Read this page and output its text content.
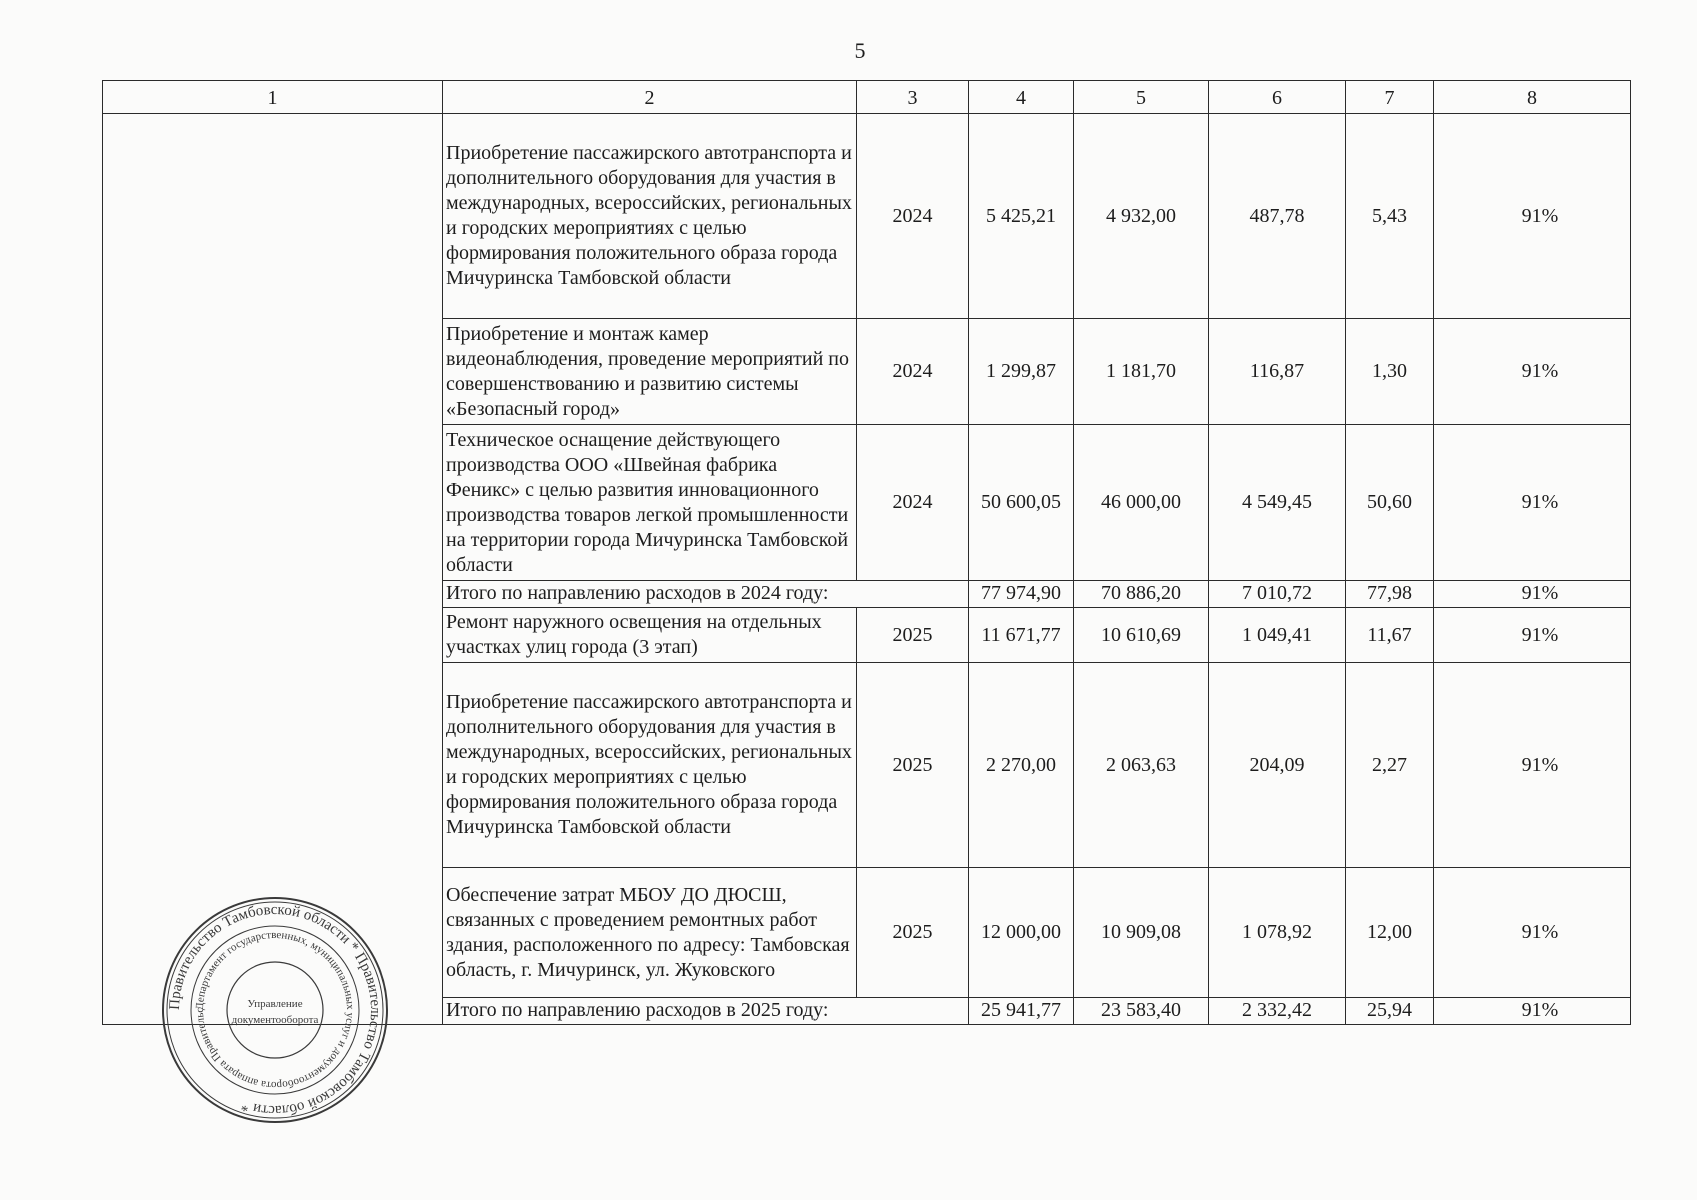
5
1	2	3	4	5	6	7	8
	Приобретение пассажирского автотранспорта и дополнительного оборудования для участия в международных, всероссийских, региональных и городских мероприятиях с целью формирования положительного образа города Мичуринска Тамбовской области	2024	5 425,21	4 932,00	487,78	5,43	91%
	Приобретение и монтаж камер видеонаблюдения, проведение мероприятий по совершенствованию и развитию системы «Безопасный город»	2024	1 299,87	1 181,70	116,87	1,30	91%
	Техническое оснащение действующего производства ООО «Швейная фабрика Феникс» с целью развития инновационного производства товаров легкой промышленности на территории города Мичуринска Тамбовской области	2024	50 600,05	46 000,00	4 549,45	50,60	91%
	Итого по направлению расходов в 2024 году:		77 974,90	70 886,20	7 010,72	77,98	91%
	Ремонт наружного освещения на отдельных участках улиц города (3 этап)	2025	11 671,77	10 610,69	1 049,41	11,67	91%
	Приобретение пассажирского автотранспорта и дополнительного оборудования для участия в международных, всероссийских, региональных и городских мероприятиях с целью формирования положительного образа города Мичуринска Тамбовской области	2025	2 270,00	2 063,63	204,09	2,27	91%
	Обеспечение затрат МБОУ ДО ДЮСШ, связанных с проведением ремонтных работ здания, расположенного по адресу: Тамбовская область, г. Мичуринск, ул. Жуковского	2025	12 000,00	10 909,08	1 078,92	12,00	91%
	Итого по направлению расходов в 2025 году:		25 941,77	23 583,40	2 332,42	25,94	91%
Правительство Тамбовской области * Правительство Тамбовской области *
Департамент государственных, муниципальных услуг и документооборота аппарата Правительс
Управление
документооборота
